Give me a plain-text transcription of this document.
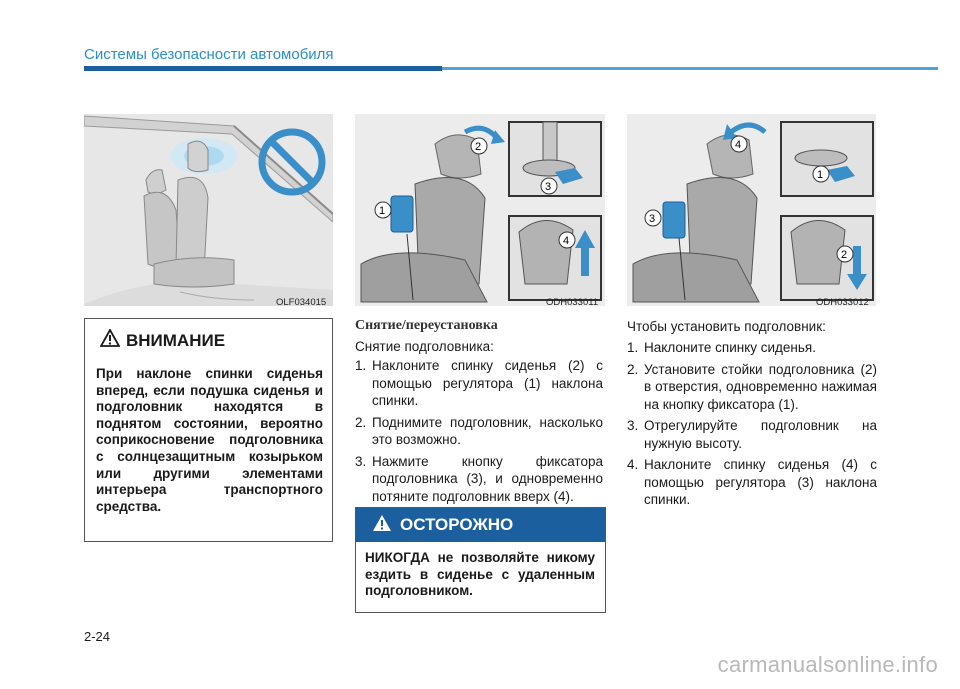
Системы безопасности автомобиля
OLF034015
1
2
3
4
ODH033011
3
4
1
2
ODH033012
ВНИМАНИЕ
При наклоне спинки сиденья вперед, если подушка сиденья и подголовник находятся в поднятом состоянии, вероятно соприкосновение подголовника с солнцезащитным козырьком или другими элементами интерьера транспортного средства.
Снятие/переустановка
Снятие подголовника:
1. Наклоните спинку сиденья (2) с помощью регулятора (1) наклона спинки.
2. Поднимите подголовник, насколько это возможно.
3. Нажмите кнопку фиксатора подголовника (3), и одновременно потяните подголовник вверх (4).
ОСТОРОЖНО
НИКОГДА не позволяйте никому ездить в сиденье с удаленным подголовником.
Чтобы установить подголовник:
1. Наклоните спинку сиденья.
2. Установите стойки подголовника (2) в отверстия, одновременно нажимая на кнопку фиксатора (1).
3. Отрегулируйте подголовник на нужную высоту.
4. Наклоните спинку сиденья (4) с помощью регулятора (3) наклона спинки.
2-24
carmanualsonline.info
